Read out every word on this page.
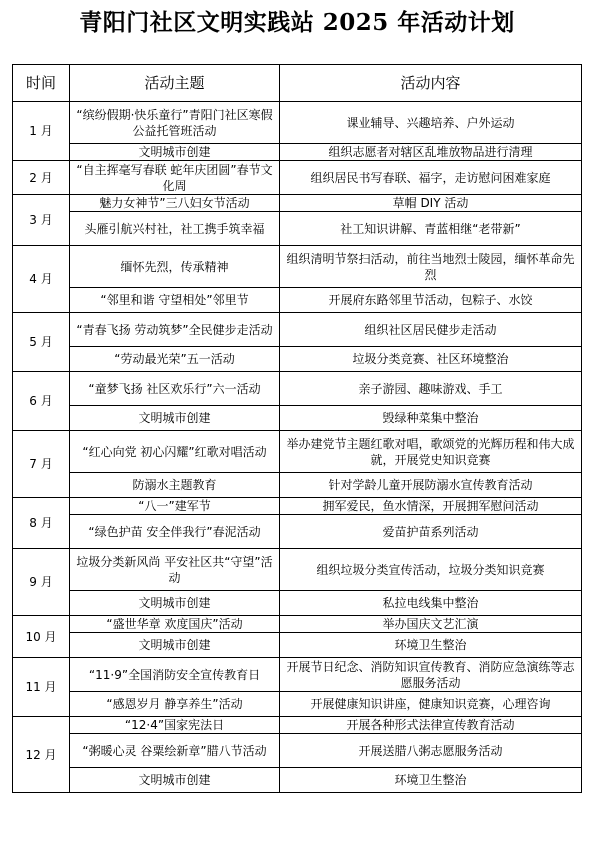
青阳门社区文明实践站 2025 年活动计划
时间	活动主题	活动内容
1 月	“缤纷假期·快乐童行”青阳门社区寒假公益托管班活动	课业辅导、兴趣培养、户外运动
	文明城市创建	组织志愿者对辖区乱堆放物品进行清理
2 月	“自主挥毫写春联 蛇年庆团圆”春节文化周	组织居民书写春联、福字，走访慰问困难家庭
3 月	魅力女神节”三八妇女节活动	草帽 DIY 活动
	头雁引航兴村社，社工携手筑幸福	社工知识讲解、青蓝相继“老带新”
4 月	缅怀先烈，传承精神	组织清明节祭扫活动，前往当地烈士陵园，缅怀革命先烈
	“邻里和谐 守望相处”邻里节	开展府东路邻里节活动，包粽子、水饺
5 月	“青春飞扬 劳动筑梦”全民健步走活动	组织社区居民健步走活动
	“劳动最光荣”五一活动	垃圾分类竞赛、社区环境整治
6 月	“童梦飞扬 社区欢乐行”六一活动	亲子游园、趣味游戏、手工
	文明城市创建	毁绿种菜集中整治
7 月	“红心向党 初心闪耀”红歌对唱活动	举办建党节主题红歌对唱，歌颂党的光辉历程和伟大成就，开展党史知识竞赛
	防溺水主题教育	针对学龄儿童开展防溺水宣传教育活动
8 月	“八一”建军节	拥军爱民，鱼水情深，开展拥军慰问活动
	“绿色护苗 安全伴我行”春泥活动	爱苗护苗系列活动
9 月	垃圾分类新风尚 平安社区共“守望”活动	组织垃圾分类宣传活动，垃圾分类知识竞赛
	文明城市创建	私拉电线集中整治
10 月	“盛世华章 欢度国庆”活动	举办国庆文艺汇演
	文明城市创建	环境卫生整治
11 月	“11·9”全国消防安全宣传教育日	开展节日纪念、消防知识宣传教育、消防应急演练等志愿服务活动
	“感恩岁月 静享养生”活动	开展健康知识讲座，健康知识竞赛，心理咨询
12 月	“12·4”国家宪法日	开展各种形式法律宣传教育活动
	“粥暖心灵 谷粟绘新章”腊八节活动	开展送腊八粥志愿服务活动
	文明城市创建	环境卫生整治
